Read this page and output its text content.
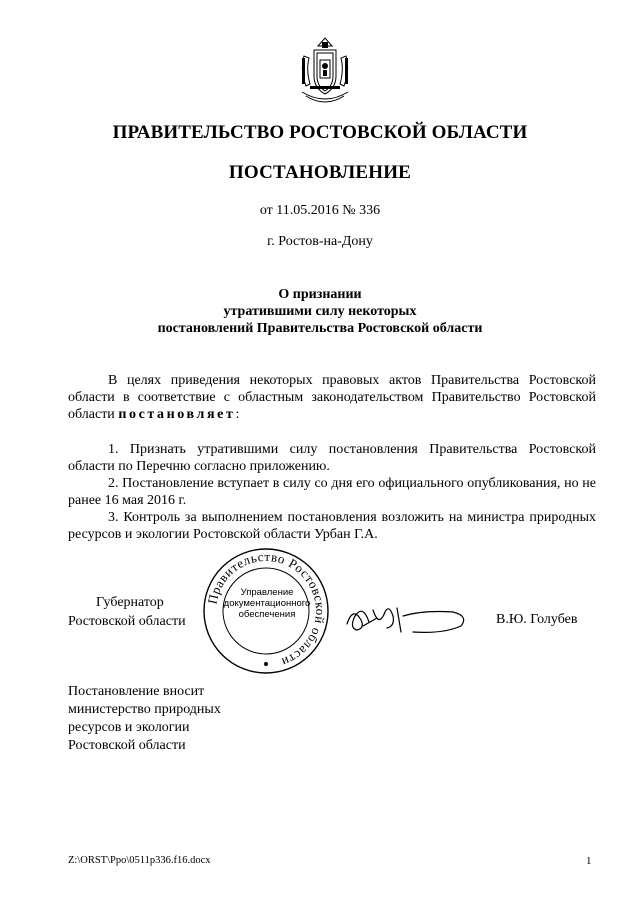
ПРАВИТЕЛЬСТВО РОСТОВСКОЙ ОБЛАСТИ
ПОСТАНОВЛЕНИЕ
от 11.05.2016 № 336
г. Ростов-на-Дону
О признании
утратившими силу некоторых
постановлений Правительства Ростовской области

В целях приведения некоторых правовых актов Правительства Ростовской области в соответствие с областным законодательством Правительство Ростовской области постановляет:

1. Признать утратившими силу постановления Правительства Ростовской области по Перечню согласно приложению.

2. Постановление вступает в силу со дня его официального опубликования, но не ранее 16 мая 2016 г.

3. Контроль за выполнением постановления возложить на министра природных ресурсов и экологии Ростовской области Урбан Г.А.

Губернатор
Ростовской области
Правительство Ростовской области
Управление
документационного
обеспечения	В.Ю. Голубев
Постановление вносит
министерство природных
ресурсов и экологии
Ростовской области
Z:\ORST\Ppo\0511p336.f16.docx	1
